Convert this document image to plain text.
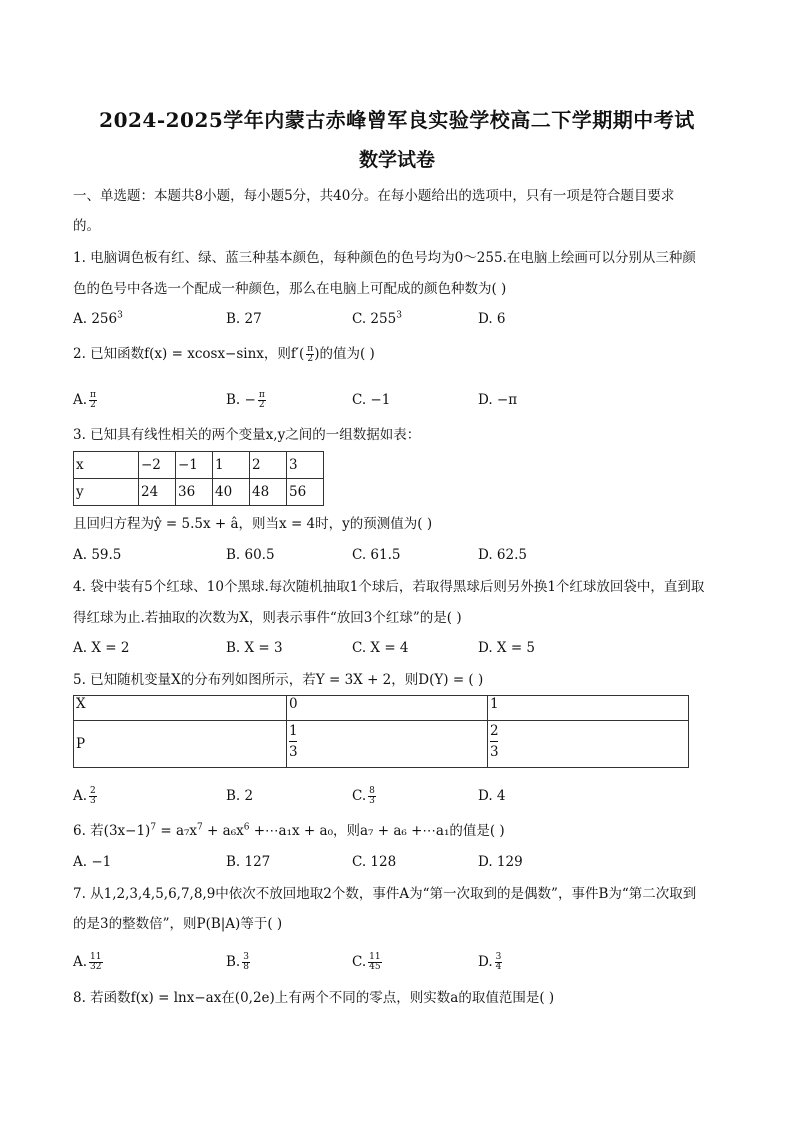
2024-2025学年内蒙古赤峰曾军良实验学校高二下学期期中考试
数学试卷
一、单选题：本题共8小题，每小题5分，共40分。在每小题给出的选项中，只有一项是符合题目要求
的。
1. 电脑调色板有红、绿、蓝三种基本颜色，每种颜色的色号均为0～255.在电脑上绘画可以分别从三种颜
色的色号中各选一个配成一种颜色，那么在电脑上可配成的颜色种数为( )
A. $256^3$	B. 27	C. $255^3$	D. 6
2. 已知函数f(x) = xcosx−sinx，则$f'( \frac{\pi}{2}$ )的值为( )
A. $\frac{\pi}{2}$	B. − $\frac{\pi}{2}$	C. −1	D. −π
3. 已知具有线性相关的两个变量x,y之间的一组数据如表：
x	−2	−1	1	2	3
y	24	36	40	48	56
且回归方程为ŷ = 5.5x + â，则当x = 4时，y的预测值为( )
A. 59.5	B. 60.5	C. 61.5	D. 62.5
4. 袋中装有5个红球、10个黑球.每次随机抽取1个球后，若取得黑球后则另外换1个红球放回袋中，直到取
得红球为止.若抽取的次数为X，则表示事件“放回3个红球”的是( )
A. X = 2	B. X = 3	C. X = 4	D. X = 5
5. 已知随机变量X的分布列如图所示，若Y = 3X + 2，则D(Y) = ( )
X	0	1
P	$\frac{1}{3}$	$\frac{2}{3}$
A. $\frac{2}{3}$	B. 2	C. $\frac{8}{3}$	D. 4
6. 若$(3x-1)^7 = a_7x^7 + a_6x^6$ +⋯a₁x + a₀，则a₇ + a₆ +⋯a₁的值是( )
A. −1	B. 127	C. 128	D. 129
7. 从1,2,3,4,5,6,7,8,9中依次不放回地取2个数，事件A为“第一次取到的是偶数”，事件B为“第二次取到
的是3的整数倍”，则P(B|A)等于( )
A. $\frac{11}{32}$	B. $\frac{3}{8}$	C. $\frac{11}{45}$	D. $\frac{3}{4}$
8. 若函数f(x) = lnx−ax在(0,2e)上有两个不同的零点，则实数a的取值范围是( )
